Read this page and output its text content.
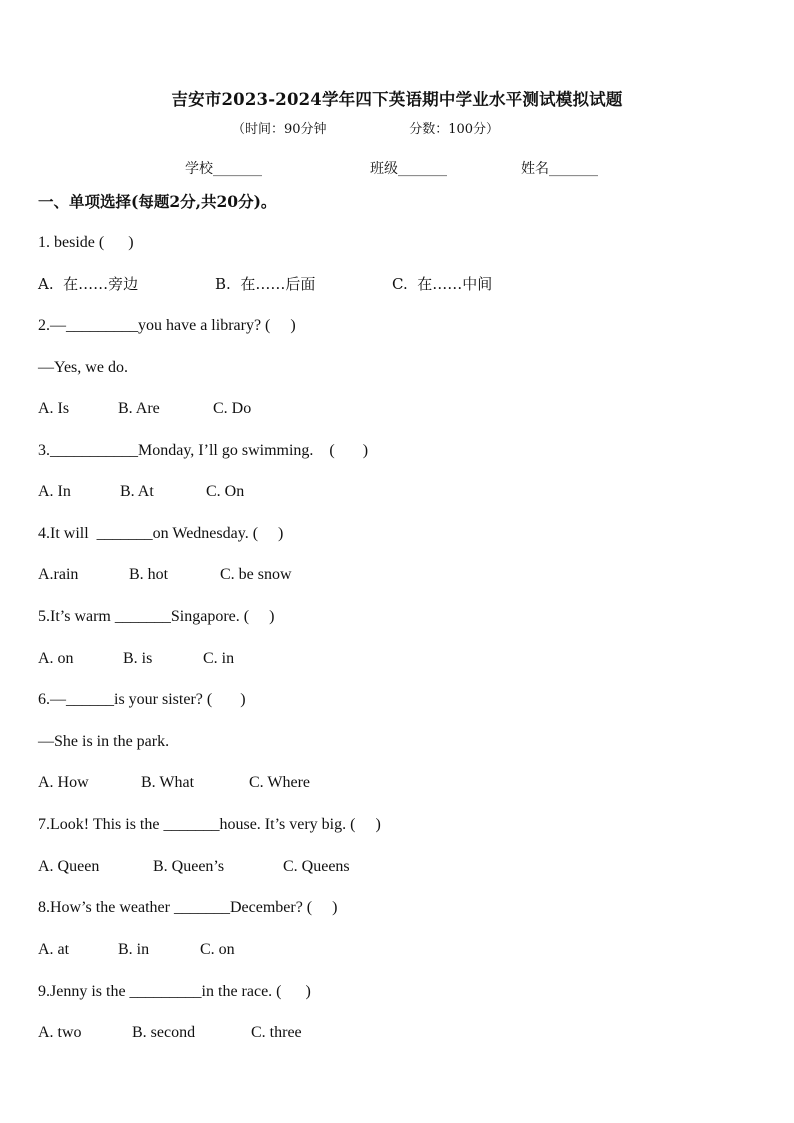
吉安市2023-2024学年四下英语期中学业水平测试模拟试题
（时间：90分钟                    分数：100分）
学校_______	班级_______	姓名_______
一、单项选择(每题2分,共20分)。
1. beside (      )

A.  在……旁边

	B.  在……后面

	C.  在……中间

2.—_________you have a library? (     )
—Yes, we do.

A. Is

	B. Are

	C. Do

3.___________Monday, I’ll go swimming.    (       )

A. In

	B. At

	C. On

4.It will  _______on Wednesday. (     )

A.rain

	B. hot

	C. be snow

5.It’s warm _______Singapore. (     )

A. on

	B. is

	C. in

6.—______is your sister? (       )
—She is in the park.

A. How

	B. What

	C. Where

7.Look! This is the _______house. It’s very big. (     )

A. Queen

	B. Queen’s

	C. Queens

8.How’s the weather _______December? (     )

A. at

	B. in

	C. on

9.Jenny is the _________in the race. (      )

A. two

	B. second

	C. three
